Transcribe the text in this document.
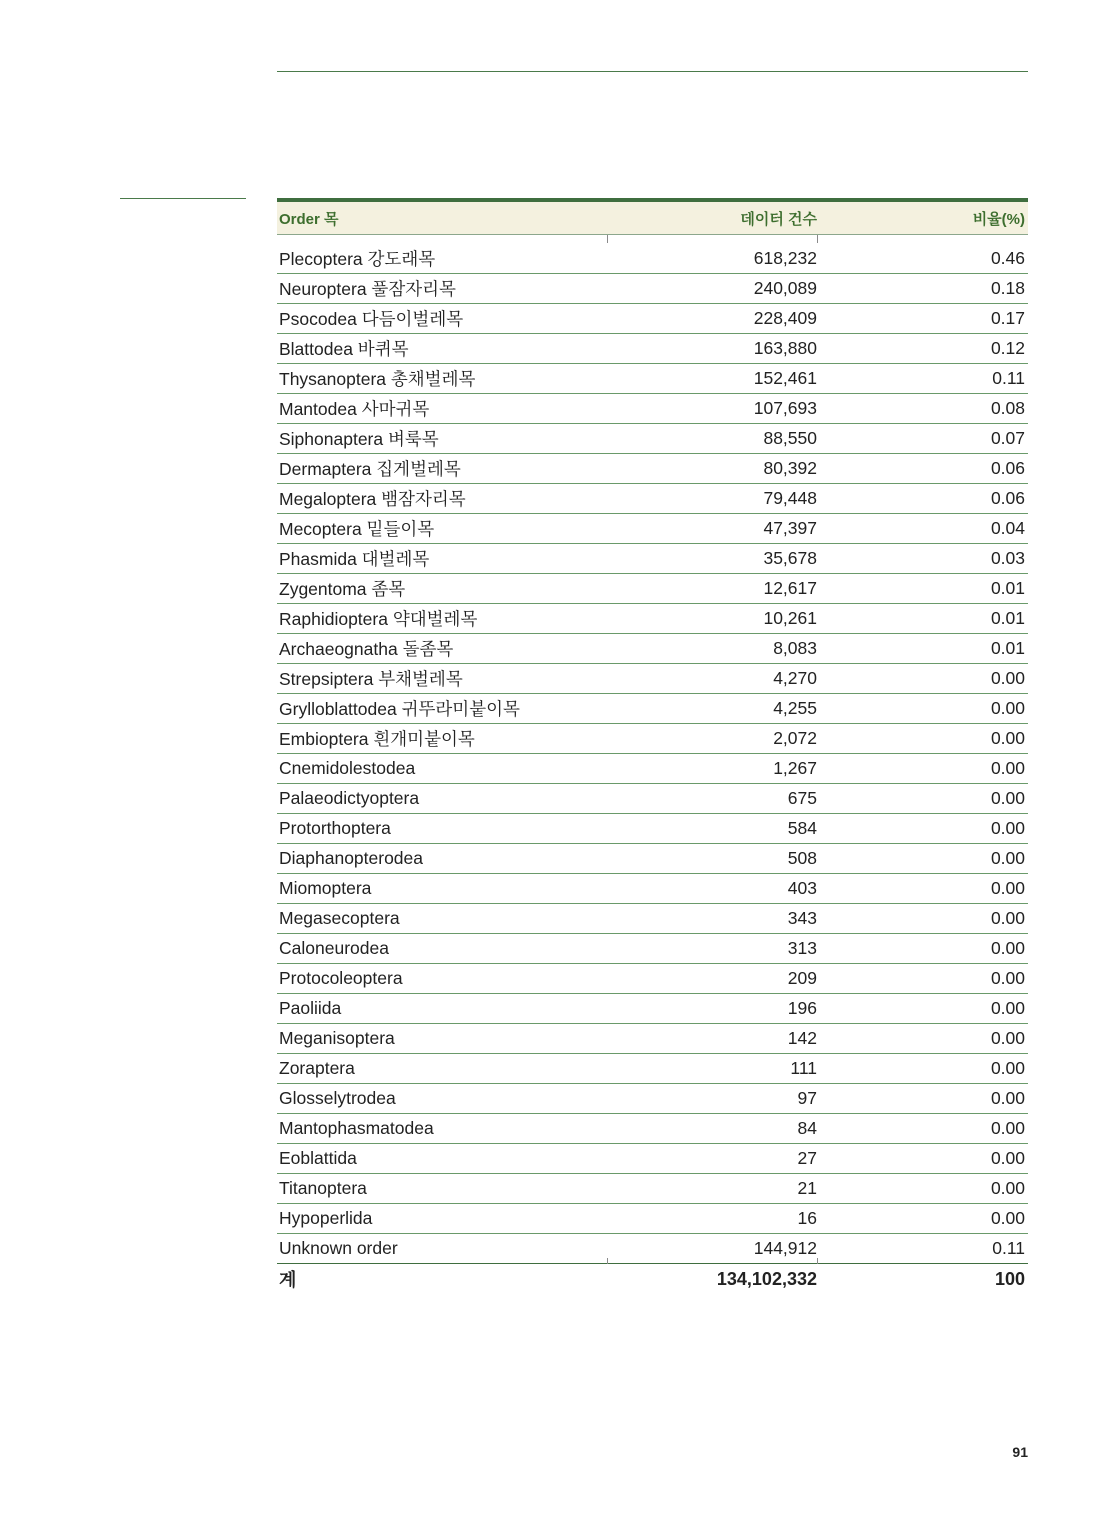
Order 목	데이터 건수	비율(%)
Plecoptera 강도래목	618,232	0.46
Neuroptera 풀잠자리목	240,089	0.18
Psocodea 다듬이벌레목	228,409	0.17
Blattodea 바퀴목	163,880	0.12
Thysanoptera 총채벌레목	152,461	0.11
Mantodea 사마귀목	107,693	0.08
Siphonaptera 벼룩목	88,550	0.07
Dermaptera 집게벌레목	80,392	0.06
Megaloptera 뱀잠자리목	79,448	0.06
Mecoptera 밑들이목	47,397	0.04
Phasmida 대벌레목	35,678	0.03
Zygentoma 좀목	12,617	0.01
Raphidioptera 약대벌레목	10,261	0.01
Archaeognatha 돌좀목	8,083	0.01
Strepsiptera 부채벌레목	4,270	0.00
Grylloblattodea 귀뚜라미붙이목	4,255	0.00
Embioptera 흰개미붙이목	2,072	0.00
Cnemidolestodea	1,267	0.00
Palaeodictyoptera	675	0.00
Protorthoptera	584	0.00
Diaphanopterodea	508	0.00
Miomoptera	403	0.00
Megasecoptera	343	0.00
Caloneurodea	313	0.00
Protocoleoptera	209	0.00
Paoliida	196	0.00
Meganisoptera	142	0.00
Zoraptera	111	0.00
Glosselytrodea	97	0.00
Mantophasmatodea	84	0.00
Eoblattida	27	0.00
Titanoptera	21	0.00
Hypoperlida	16	0.00
Unknown order	144,912	0.11
계	134,102,332	100
91
